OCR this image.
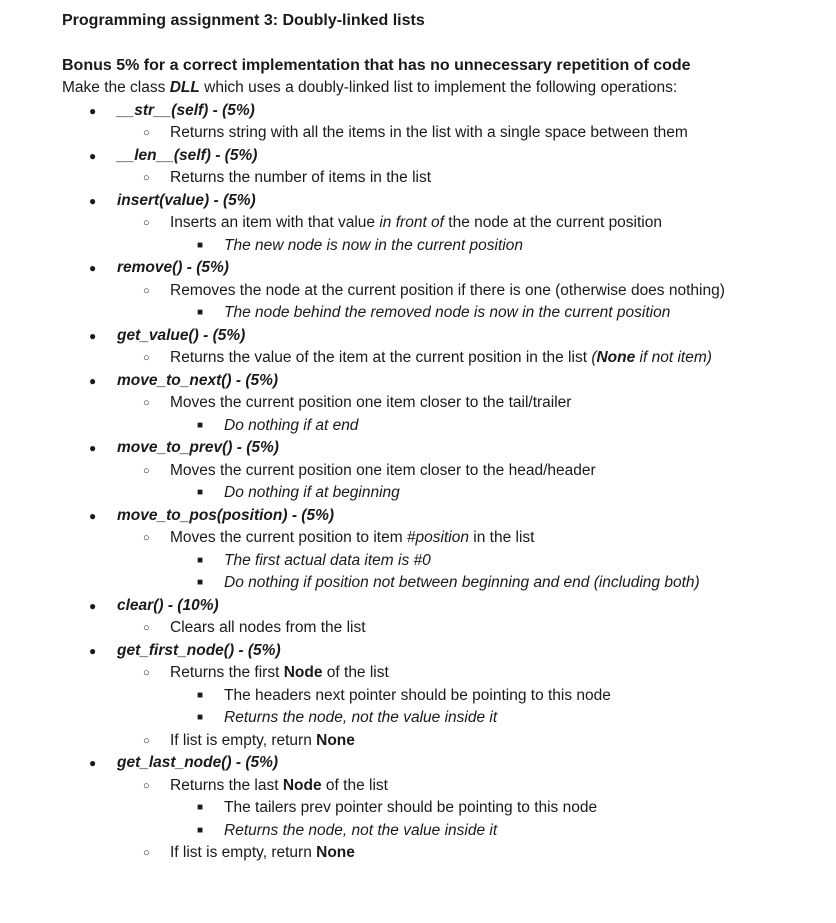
Programming assignment 3: Doubly-linked lists
Bonus 5% for a correct implementation that has no unnecessary repetition of code
Make the class DLL which uses a doubly-linked list to implement the following operations:
● __str__(self) - (5%)
○ Returns string with all the items in the list with a single space between them
● __len__(self) - (5%)
○ Returns the number of items in the list
● insert(value) - (5%)
○ Inserts an item with that value in front of the node at the current position
■ The new node is now in the current position
● remove() - (5%)
○ Removes the node at the current position if there is one (otherwise does nothing)
■ The node behind the removed node is now in the current position
● get_value() - (5%)
○ Returns the value of the item at the current position in the list (None if not item)
● move_to_next() - (5%)
○ Moves the current position one item closer to the tail/trailer
■ Do nothing if at end
● move_to_prev() - (5%)
○ Moves the current position one item closer to the head/header
■ Do nothing if at beginning
● move_to_pos(position) - (5%)
○ Moves the current position to item #position in the list
■ The first actual data item is #0
■ Do nothing if position not between beginning and end (including both)
● clear() - (10%)
○ Clears all nodes from the list
● get_first_node() - (5%)
○ Returns the first Node of the list
■ The headers next pointer should be pointing to this node
■ Returns the node, not the value inside it
○ If list is empty, return None
● get_last_node() - (5%)
○ Returns the last Node of the list
■ The tailers prev pointer should be pointing to this node
■ Returns the node, not the value inside it
○ If list is empty, return None
